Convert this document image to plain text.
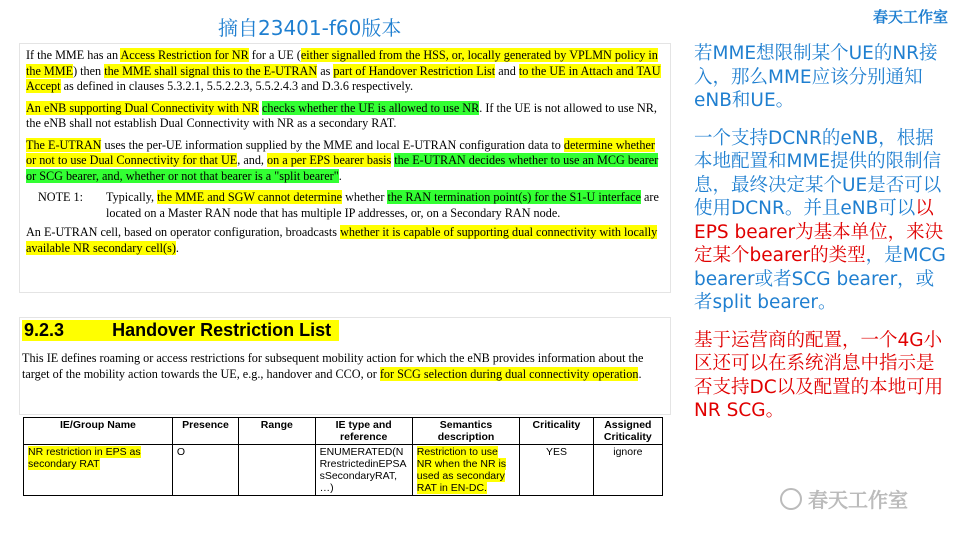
春天工作室
摘自23401-f60版本

If the MME has an Access Restriction for NR for a UE (either signalled from the HSS, or, locally generated by VPLMN policy in the MME) then the MME shall signal this to the E-UTRAN as part of Handover Restriction List and to the UE in Attach and TAU Accept as defined in clauses 5.3.2.1, 5.5.2.2.3, 5.5.2.4.3 and D.3.6 respectively.

An eNB supporting Dual Connectivity with NR checks whether the UE is allowed to use NR. If the UE is not allowed to use NR, the eNB shall not establish Dual Connectivity with NR as a secondary RAT.

The E-UTRAN uses the per-UE information supplied by the MME and local E-UTRAN configuration data to determine whether or not to use Dual Connectivity for that UE, and, on a per EPS bearer basis the E-UTRAN decides whether to use an MCG bearer or SCG bearer, and, whether or not that bearer is a "split bearer".

NOTE 1:	Typically, the MME and SGW cannot determine whether the RAN termination point(s) for the S1-U interface are located on a Master RAN node that has multiple IP addresses, or, on a Secondary RAN node.

An E-UTRAN cell, based on operator configuration, broadcasts whether it is capable of supporting dual connectivity with locally available NR secondary cell(s).

9.2.3	Handover Restriction List

This IE defines roaming or access restrictions for subsequent mobility action for which the eNB provides information about the target of the mobility action towards the UE, e.g., handover and CCO, or for SCG selection during dual connectivity operation.

IE/Group Name	Presence	Range	IE type and reference	Semantics description	Criticality	Assigned Criticality
NR restriction in EPS as secondary RAT	O		ENUMERATED(NRrestrictedinEPSAsSecondaryRAT, …)	Restriction to use NR when the NR is used as secondary RAT in EN-DC.	YES	ignore

若MME想限制某个UE的NR接入，那么MME应该分别通知eNB和UE。

一个支持DCNR的eNB，根据本地配置和MME提供的限制信息，最终决定某个UE是否可以使用DCNR。并且eNB可以以EPS bearer为基本单位，来决定某个bearer的类型，是MCG bearer或者SCG bearer，或者split bearer。

基于运营商的配置，一个4G小区还可以在系统消息中指示是否支持DC以及配置的本地可用NR SCG。

春天工作室
